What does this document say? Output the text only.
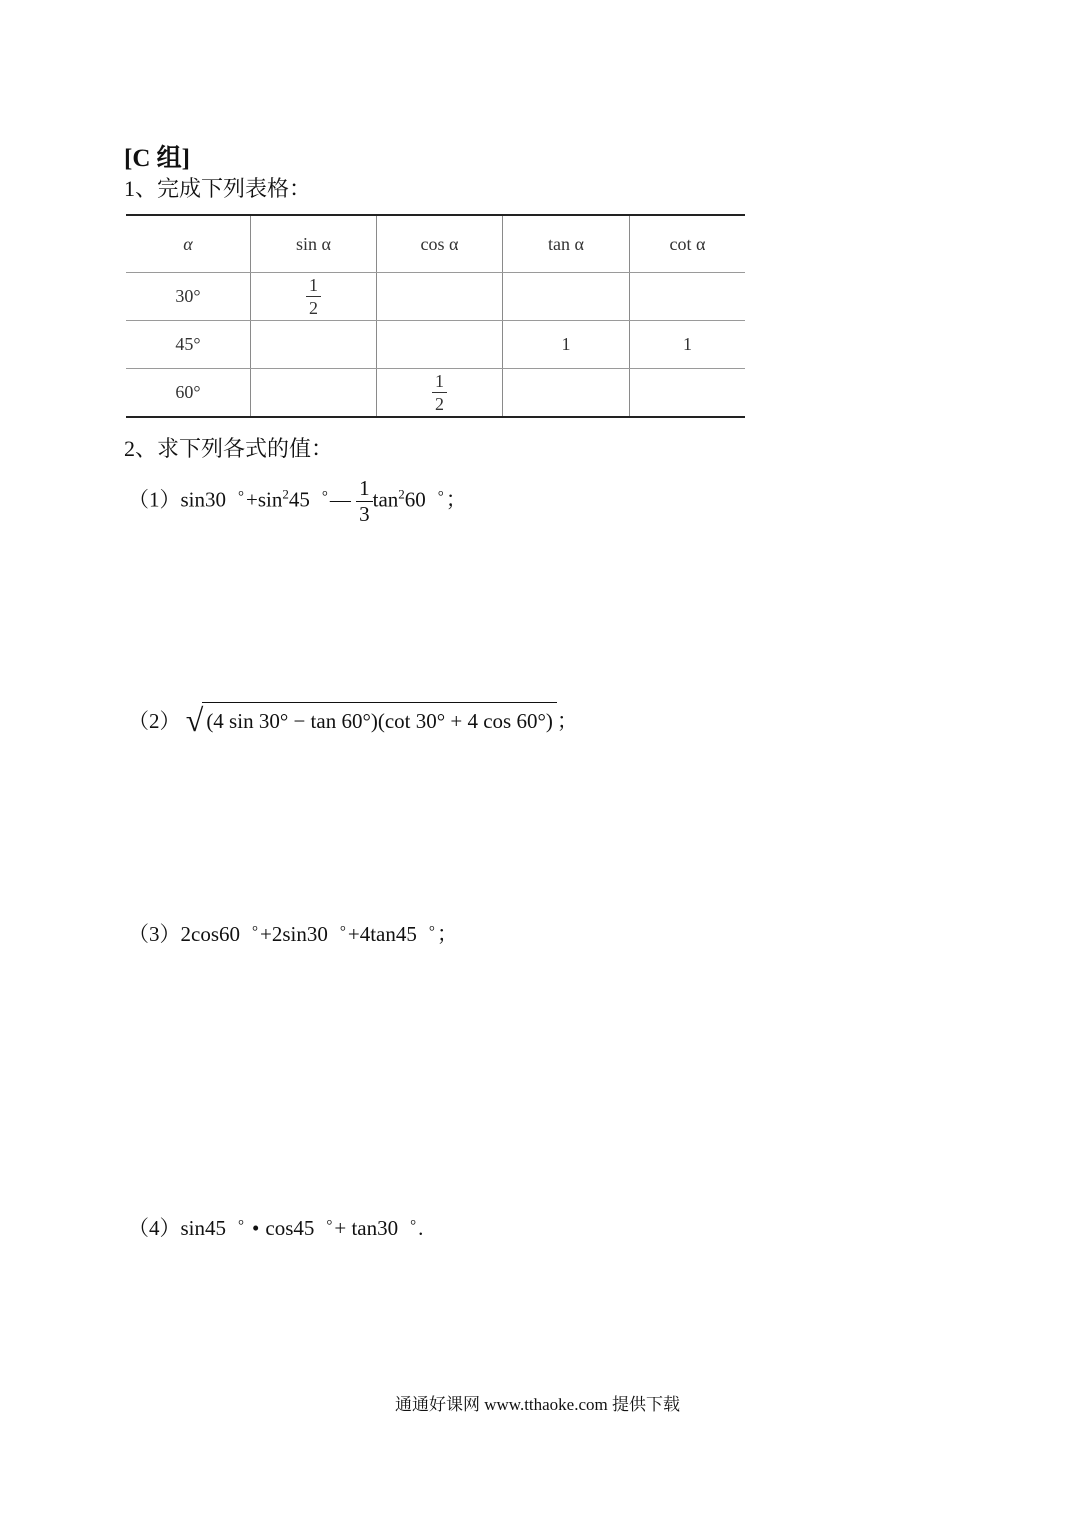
[C 组]
1、完成下列表格：
α	sin α	cos α	tan α	cot α
30°	$\frac{1}{2}$

45°			1	1
60°		$\frac{1}{2}$

2、求下列各式的值：
（1）sin30 $^\circ+\sin^245$ °— $\frac{1}{3} \tan^260$ °；
（2） √ (4 sin 30° − tan 60°)(cot 30° + 4 cos 60°) ；
（3）2cos60 °+2sin30 °+4tan45 °；
（4）sin45 ° • cos45 °+ tan30 °.
通通好课网 www.tthaoke.com 提供下载
